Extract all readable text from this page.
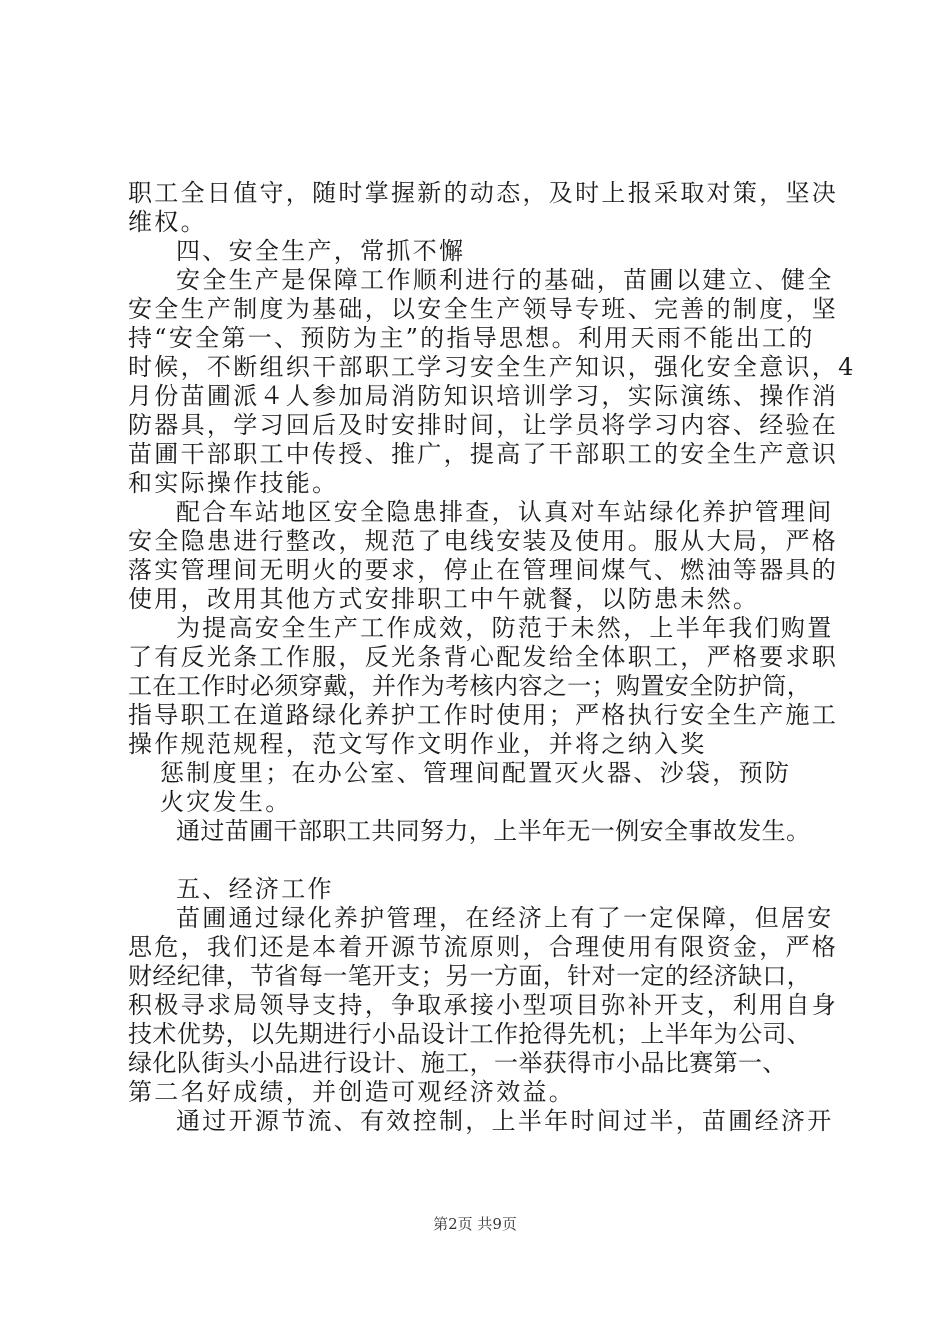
职工全日值守，随时掌握新的动态，及时上报采取对策，坚决
维权。
四、安全生产，常抓不懈
安全生产是保障工作顺利进行的基础，苗圃以建立、健全
安全生产制度为基础，以安全生产领导专班、完善的制度，坚
持“安全第一、预防为主”的指导思想。利用天雨不能出工的
时候，不断组织干部职工学习安全生产知识，强化安全意识，4
月份苗圃派４人参加局消防知识培训学习，实际演练、操作消
防器具，学习回后及时安排时间，让学员将学习内容、经验在
苗圃干部职工中传授、推广，提高了干部职工的安全生产意识
和实际操作技能。
配合车站地区安全隐患排查，认真对车站绿化养护管理间
安全隐患进行整改，规范了电线安装及使用。服从大局，严格
落实管理间无明火的要求，停止在管理间煤气、燃油等器具的
使用，改用其他方式安排职工中午就餐，以防患未然。
为提高安全生产工作成效，防范于未然，上半年我们购置
了有反光条工作服，反光条背心配发给全体职工，严格要求职
工在工作时必须穿戴，并作为考核内容之一；购置安全防护筒，
指导职工在道路绿化养护工作时使用；严格执行安全生产施工
操作规范规程，范文写作文明作业，并将之纳入奖
惩制度里；在办公室、管理间配置灭火器、沙袋，预防
火灾发生。
通过苗圃干部职工共同努力，上半年无一例安全事故发生。
五、经济工作
苗圃通过绿化养护管理，在经济上有了一定保障，但居安
思危，我们还是本着开源节流原则，合理使用有限资金，严格
财经纪律，节省每一笔开支；另一方面，针对一定的经济缺口，
积极寻求局领导支持，争取承接小型项目弥补开支，利用自身
技术优势，以先期进行小品设计工作抢得先机；上半年为公司、
绿化队街头小品进行设计、施工，一举获得市小品比赛第一、
第二名好成绩，并创造可观经济效益。
通过开源节流、有效控制，上半年时间过半，苗圃经济开
第2页 共9页
